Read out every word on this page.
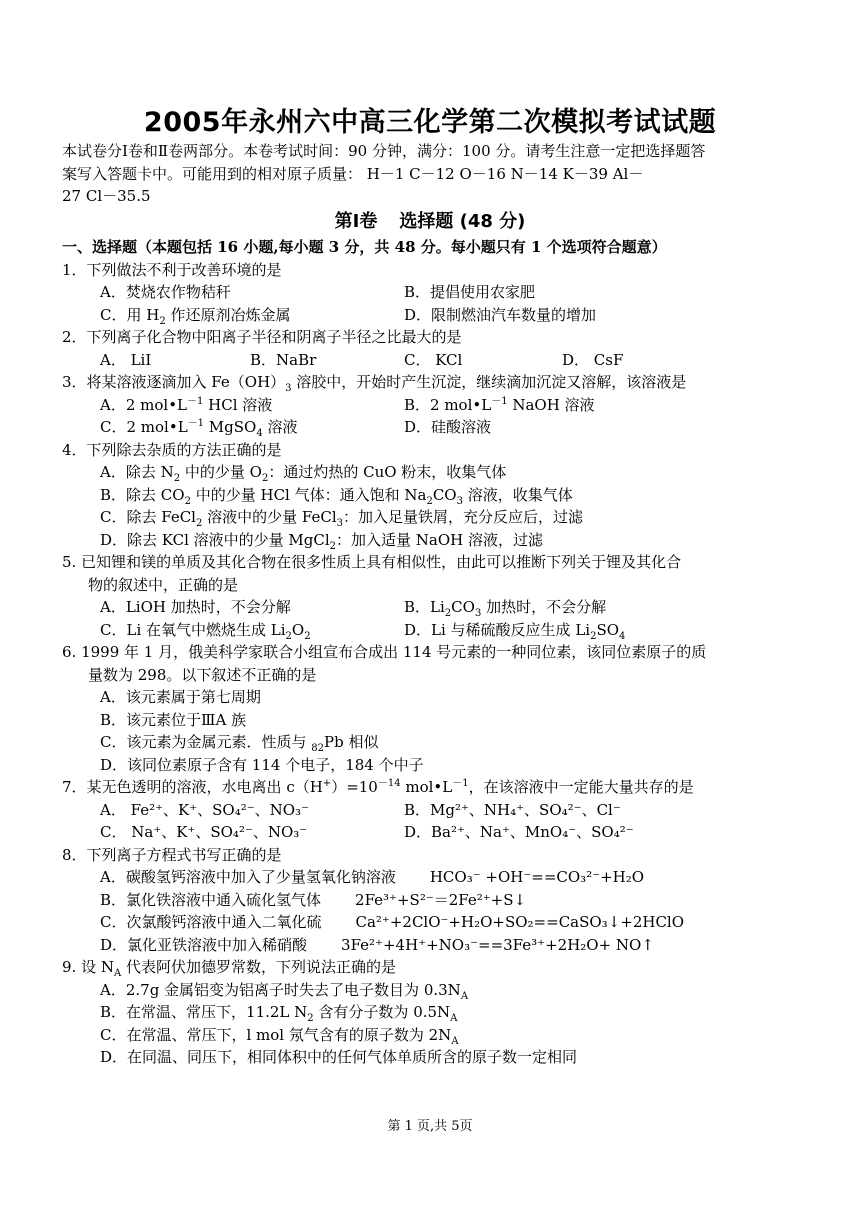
2005年永州六中高三化学第二次模拟考试试题
本试卷分Ⅰ卷和Ⅱ卷两部分。本卷考试时间：90 分钟，满分：100 分。请考生注意一定把选择题答
案写入答题卡中。可能用到的相对原子质量： H－1 C－12 O－16 N－14 K－39 Al－
27 Cl－35.5
第Ⅰ卷 选择题 (48 分)
一、选择题（本题包括 16 小题,每小题 3 分，共 48 分。每小题只有 1 个选项符合题意）
1．下列做法不利于改善环境的是
A．焚烧农作物秸秆	B．提倡使用农家肥
C．用 $H_2$ 作还原剂冶炼金属	D．限制燃油汽车数量的增加
2．下列离子化合物中阳离子半径和阴离子半径之比最大的是
A． LiI	B．NaBr	C． KCl	D． CsF
3．将某溶液逐滴加入 $Fe(OH)_3$ 溶胶中，开始时产生沉淀，继续滴加沉淀又溶解，该溶液是
A．2 $mol•L^{-1}$ HCl 溶液	B．2 $mol•L^{-1}$ NaOH 溶液
C．2 $mol•L^{-1}$ MgSO$_4$ 溶液	D．硅酸溶液
4．下列除去杂质的方法正确的是
A．除去 $N_2$ 中的少量 $O_2$：通过灼热的 CuO 粉末，收集气体
B．除去 $CO_2$ 中的少量 HCl 气体：通入饱和 $Na_2CO_3$ 溶液，收集气体
C．除去 FeCl$_2$ 溶液中的少量 FeCl$_3$：加入足量铁屑，充分反应后，过滤
D．除去 KCl 溶液中的少量 MgCl$_2$：加入适量 NaOH 溶液，过滤
5. 已知锂和镁的单质及其化合物在很多性质上具有相似性，由此可以推断下列关于锂及其化合
物的叙述中，正确的是
A．LiOH 加热时，不会分解	B．$Li_2CO_3$ 加热时，不会分解
C．Li 在氧气中燃烧生成 $Li_2O_2$	D．Li 与稀硫酸反应生成 $Li_2SO_4$
6. 1999 年 1 月，俄美科学家联合小组宣布合成出 114 号元素的一种同位素，该同位素原子的质
量数为 298。以下叙述不正确的是
A．该元素属于第七周期
B．该元素位于ⅢA 族
C．该元素为金属元素．性质与 $_{82}$Pb 相似
D．该同位素原子含有 114 个电子，184 个中子
7．某无色透明的溶液，水电离出 $c(H^+)=10^{-14}$ $mol•L^{-1}$，在该溶液中一定能大量共存的是
A． Fe²⁺、K⁺、SO₄²⁻、NO₃⁻	B．Mg²⁺、NH₄⁺、SO₄²⁻、Cl⁻
C． Na⁺、K⁺、SO₄²⁻、NO₃⁻	D．Ba²⁺、Na⁺、MnO₄⁻、SO₄²⁻
8．下列离子方程式书写正确的是
A．碳酸氢钙溶液中加入了少量氢氧化钠溶液 HCO₃⁻ +OH⁻==CO₃²⁻+H₂O
B．氯化铁溶液中通入硫化氢气体 2Fe³⁺+S²⁻＝2Fe²⁺+S↓
C．次氯酸钙溶液中通入二氧化硫 Ca²⁺+2ClO⁻+H₂O+SO₂==CaSO₃↓+2HClO
D．氯化亚铁溶液中加入稀硝酸 3Fe²⁺+4H⁺+NO₃⁻==3Fe³⁺+2H₂O+ NO↑
9. 设 $N_A$ 代表阿伏加德罗常数，下列说法正确的是
A．2.7g 金属铝变为铝离子时失去了电子数目为 $0.3N_A$
B．在常温、常压下，11.2L $N_2$ 含有分子数为 $0.5N_A$
C．在常温、常压下，l mol 氖气含有的原子数为 $2N_A$
D．在同温、同压下，相同体积中的任何气体单质所含的原子数一定相同
第 1 页,共 5页
